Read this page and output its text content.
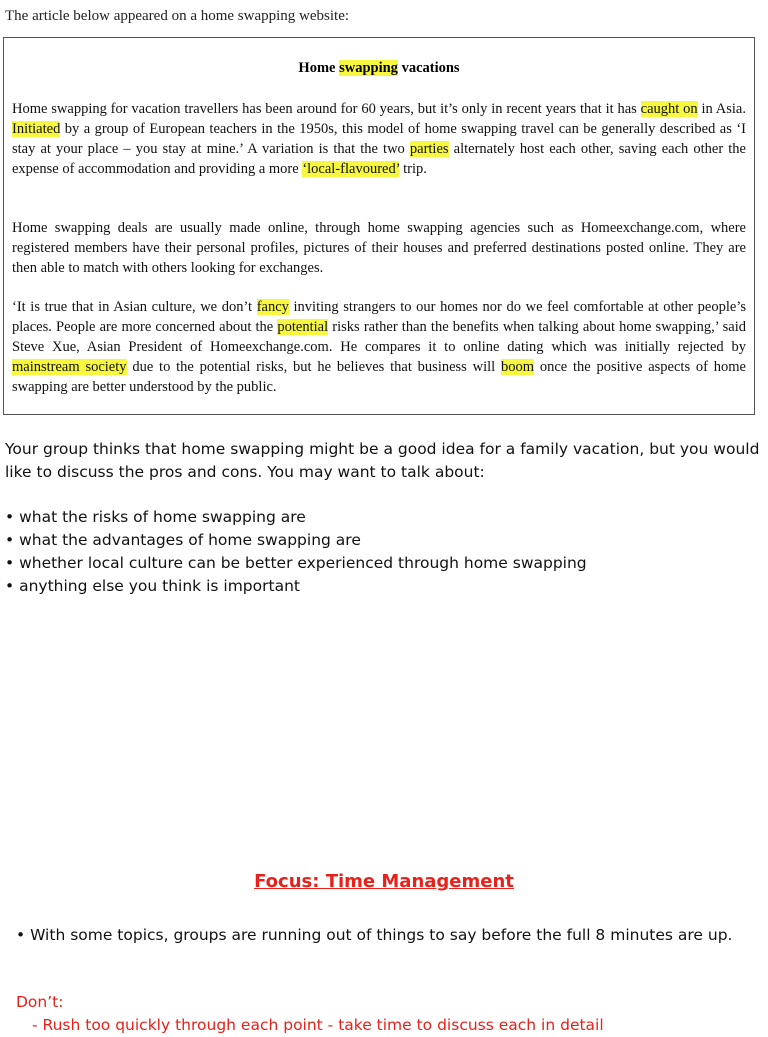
The article below appeared on a home swapping website:
Home swapping vacations
Home swapping for vacation travellers has been around for 60 years, but it’s only in recent years that it has caught on in Asia. Initiated by a group of European teachers in the 1950s, this model of home swapping travel can be generally described as ‘I stay at your place – you stay at mine.’ A variation is that the two parties alternately host each other, saving each other the expense of accommodation and providing a more ‘local-flavoured’ trip.
Home swapping deals are usually made online, through home swapping agencies such as Homeexchange.com, where registered members have their personal profiles, pictures of their houses and preferred destinations posted online. They are then able to match with others looking for exchanges.
‘It is true that in Asian culture, we don’t fancy inviting strangers to our homes nor do we feel comfortable at other people’s places. People are more concerned about the potential risks rather than the benefits when talking about home swapping,’ said Steve Xue, Asian President of Homeexchange.com. He compares it to online dating which was initially rejected by mainstream society due to the potential risks, but he believes that business will boom once the positive aspects of home swapping are better understood by the public.
Your group thinks that home swapping might be a good idea for a family vacation, but you would like to discuss the pros and cons. You may want to talk about:
• what the risks of home swapping are
• what the advantages of home swapping are
• whether local culture can be better experienced through home swapping
• anything else you think is important
Focus: Time Management
• With some topics, groups are running out of things to say before the full 8 minutes are up.
Don’t:
- Rush too quickly through each point - take time to discuss each in detail
